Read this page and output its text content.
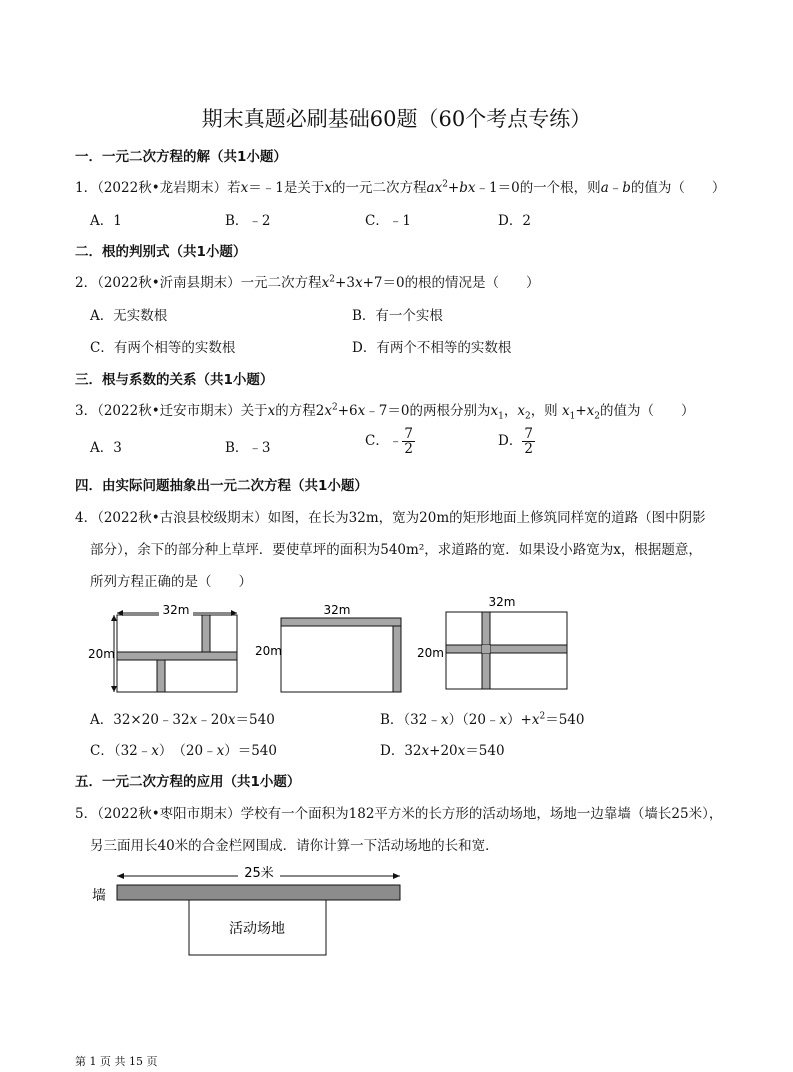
期末真题必刷基础60题（60个考点专练）
一．一元二次方程的解（共1小题）
1．（2022秋•龙岩期末）若x＝﹣1是关于x的一元二次方程$ax^2+bx﹣1=0$的一个根，则a﹣b的值为（　　）
A．1	B．﹣2	C．﹣1	D．2
二．根的判别式（共1小题）
2．（2022秋•沂南县期末）一元二次方程$x^2+3x+7=0$的根的情况是（　　）
A．无实数根	B．有一个实根
C．有两个相等的实数根	D．有两个不相等的实数根
三．根与系数的关系（共1小题）
3．（2022秋•迁安市期末）关于x的方程$2x^2+6x﹣7=0$的两根分别为$x_1$，$x_2$，则 $x_1+x_2$的值为（　　）
A．3	B．﹣3	C．﹣ $\frac{7}{2}$	D． $\frac{7}{2}$
四．由实际问题抽象出一元二次方程（共1小题）
4．（2022秋•古浪县校级期末）如图，在长为32m，宽为20m的矩形地面上修筑同样宽的道路（图中阴影
部分），余下的部分种上草坪．要使草坪的面积为540m²，求道路的宽．如果设小路宽为x，根据题意，
所列方程正确的是（　　）
32m
20m
32m
20m
32m
20m
A．32×20﹣32x﹣20x＝540	B．$(32﹣x)(20﹣x)+x^2=540$
C．（32﹣x）　（20﹣x）＝540	D．32x+20x＝540
五．一元二次方程的应用（共1小题）
5．（2022秋•枣阳市期末）学校有一个面积为182平方米的长方形的活动场地，场地一边靠墙（墙长25米），
另三面用长40米的合金栏网围成．请你计算一下活动场地的长和宽．
墙
25米
活动场地
第 1 页 共 15 页
